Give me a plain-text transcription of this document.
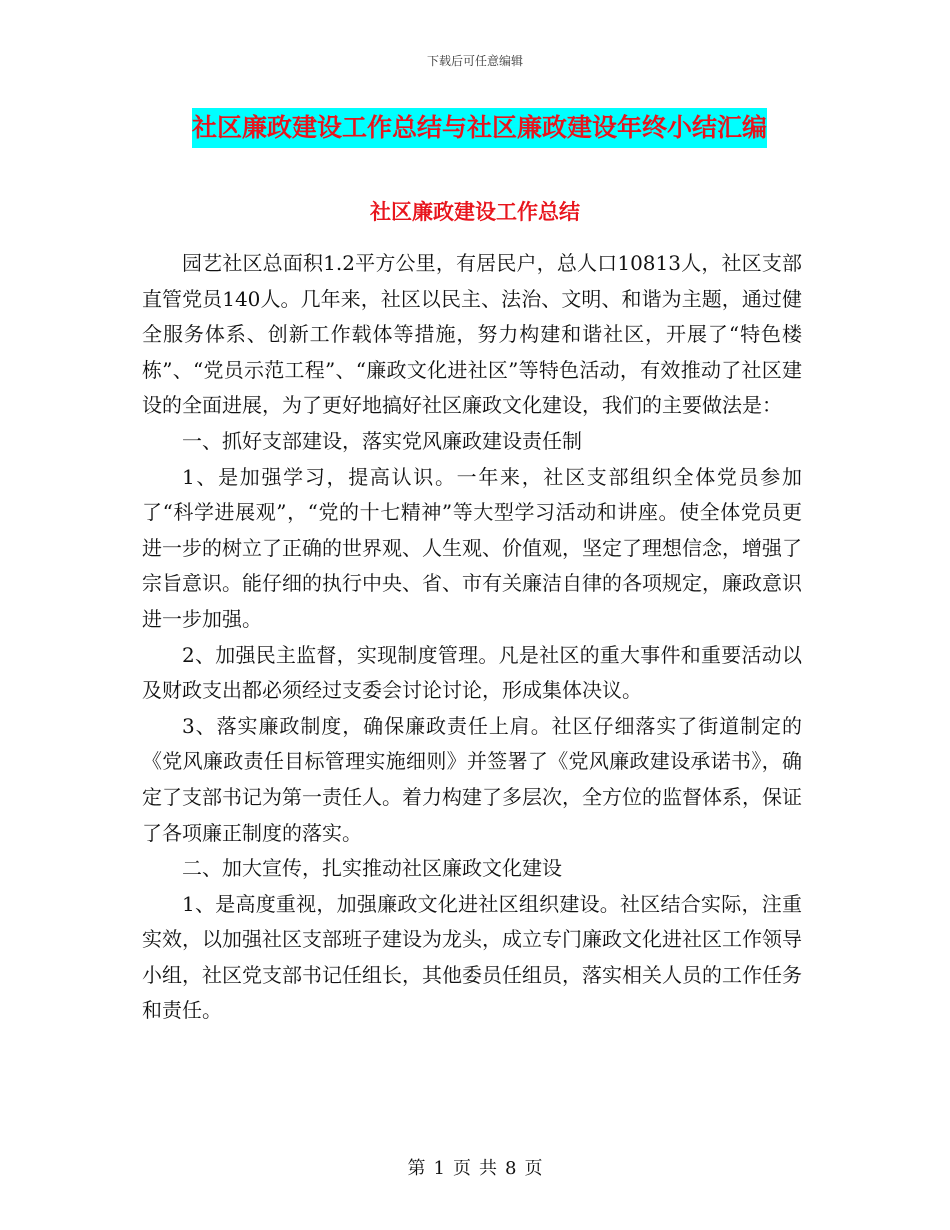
下载后可任意编辑
社区廉政建设工作总结与社区廉政建设年终小结汇编
社区廉政建设工作总结

园艺社区总面积1.2平方公里，有居民户，总人口10813人，社区支部直管党员140人。几年来，社区以民主、法治、文明、和谐为主题，通过健全服务体系、创新工作载体等措施，努力构建和谐社区，开展了“特色楼栋”、“党员示范工程”、“廉政文化进社区”等特色活动，有效推动了社区建设的全面进展，为了更好地搞好社区廉政文化建设，我们的主要做法是：

一、抓好支部建设，落实党风廉政建设责任制

1、是加强学习，提高认识。一年来，社区支部组织全体党员参加了“科学进展观”，“党的十七精神”等大型学习活动和讲座。使全体党员更进一步的树立了正确的世界观、人生观、价值观，坚定了理想信念，增强了宗旨意识。能仔细的执行中央、省、市有关廉洁自律的各项规定，廉政意识进一步加强。

2、加强民主监督，实现制度管理。凡是社区的重大事件和重要活动以及财政支出都必须经过支委会讨论讨论，形成集体决议。

3、落实廉政制度，确保廉政责任上肩。社区仔细落实了街道制定的《党风廉政责任目标管理实施细则》并签署了《党风廉政建设承诺书》，确定了支部书记为第一责任人。着力构建了多层次，全方位的监督体系，保证了各项廉正制度的落实。

二、加大宣传，扎实推动社区廉政文化建设

1、是高度重视，加强廉政文化进社区组织建设。社区结合实际，注重实效，以加强社区支部班子建设为龙头，成立专门廉政文化进社区工作领导小组，社区党支部书记任组长，其他委员任组员，落实相关人员的工作任务和责任。

第 1 页 共 8 页
